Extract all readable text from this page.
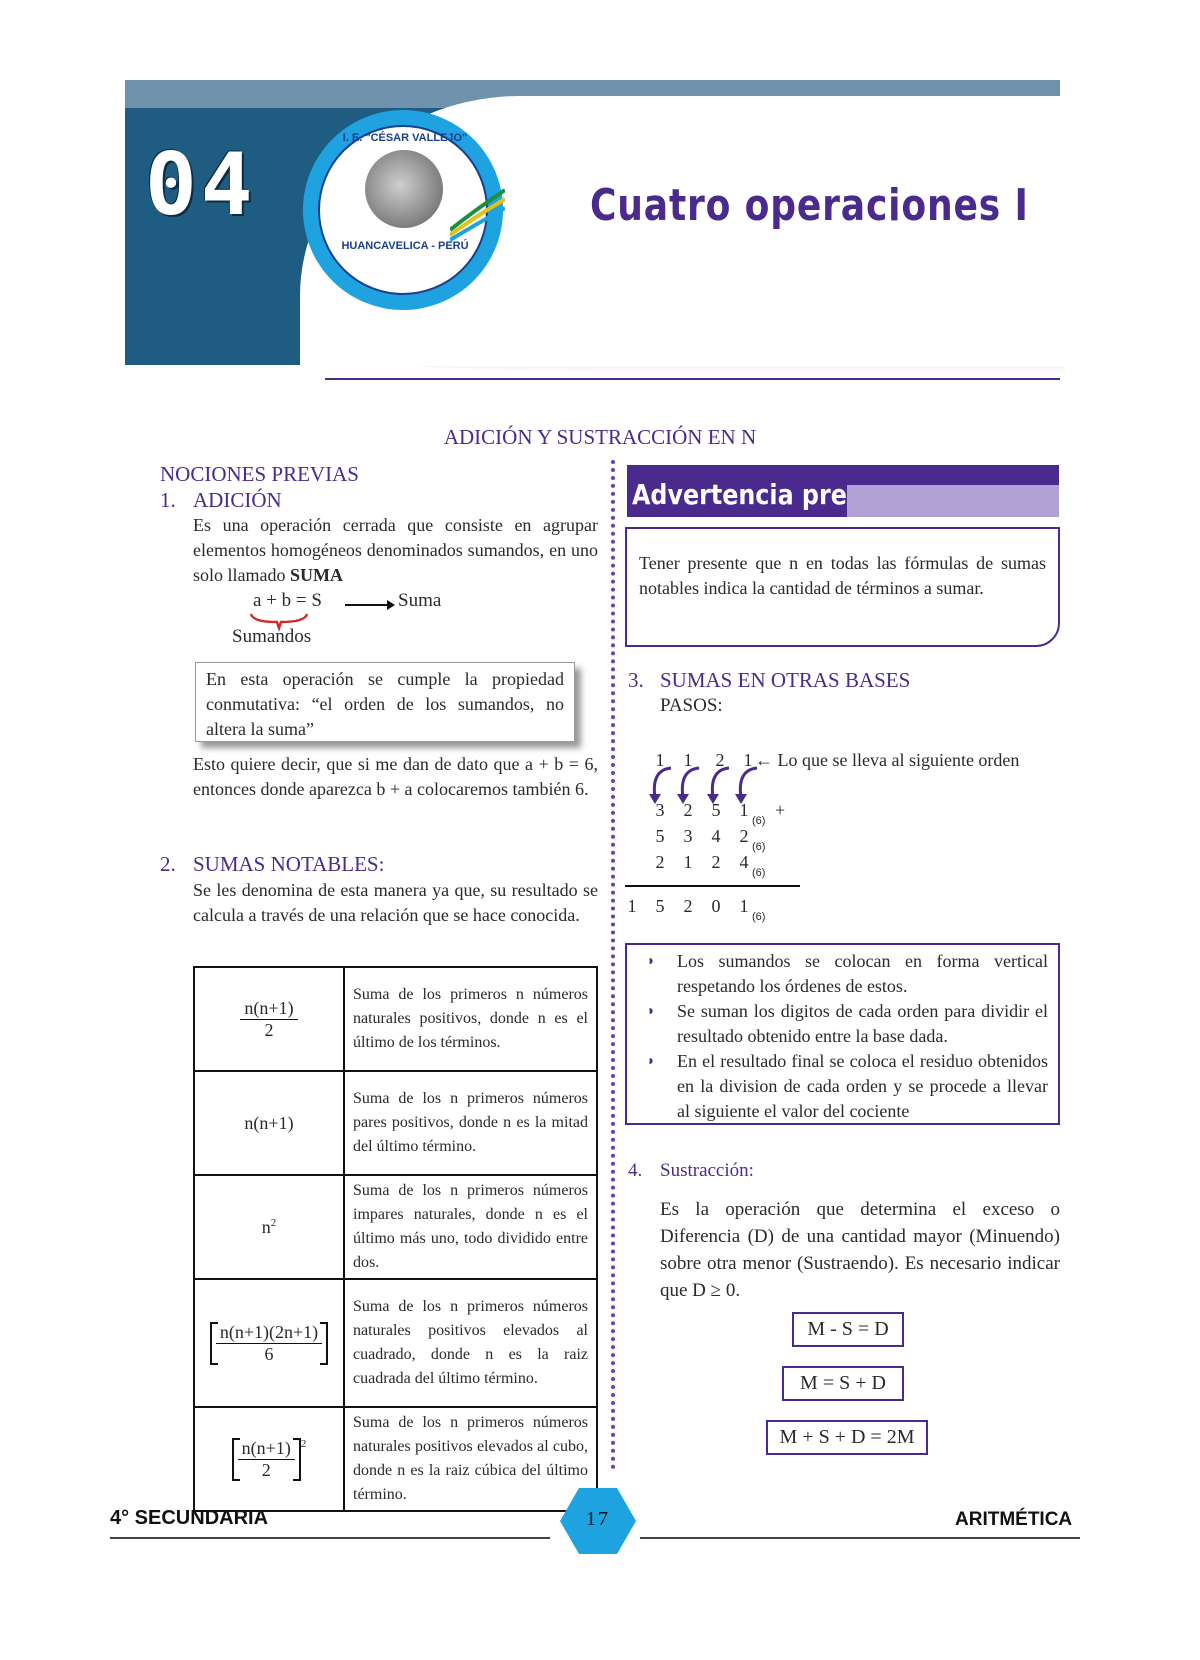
04	I. E. "CÉSAR VALLEJO"
HUANCAVELICA - PERÚ
Cuatro operaciones I
ADICIÓN Y SUSTRACCIÓN EN N
NOCIONES PREVIAS
1. ADICIÓN
Es una operación cerrada que consiste en agrupar elementos homogéneos denominados sumandos, en uno solo llamado SUMA
a + b = S	Suma
Sumandos
En esta operación se cumple la propiedad conmutativa: “el orden de los sumandos, no altera la suma”
Esto quiere decir, que si me dan de dato que a + b = 6, entonces donde aparezca b + a colocaremos también 6.
2. SUMAS NOTABLES:
Se les denomina de esta manera ya que, su resultado se calcula a través de una relación que se hace conocida.
$\frac{n(n+1)}{2}$	Suma de los primeros n números naturales positivos, donde n es el último de los términos.
n(n+1)	Suma de los n primeros números pares positivos, donde n es la mitad del último término.
$n^2$	Suma de los n primeros números impares naturales, donde n es el último más uno, todo dividido entre dos.

$\frac{n(n+1)(2n+1)}{6}$	Suma de los n primeros números naturales positivos elevados al cuadrado, donde n es la raiz cuadrada del último término.

$\frac{n(n+1)}{2} ^2$	Suma de los n primeros números naturales positivos elevados al cubo, donde n es la raiz cúbica del último término.
Advertencia pre
Tener presente que n en todas las fórmulas de sumas notables indica la cantidad de términos a sumar.
3. SUMAS EN OTRAS BASES
PASOS:
1	1	2	1 ← Lo que se lleva al siguiente orden
3	2	5	1
(6)
+
5	3	4	2
(6)
2	1	2	4
(6)
1	5	2	0	1
(6)
◗ Los sumandos se colocan en forma vertical respetando los órdenes de estos.
◗ Se suman los digitos de cada orden para dividir el resultado obtenido entre la base dada.
◗ En el resultado final se coloca el residuo obtenidos en la division de cada orden y se procede a llevar al siguiente el valor del cociente
4. Sustracción:
Es la operación que determina el exceso o Diferencia (D) de una cantidad mayor (Minuendo) sobre otra menor (Sustraendo). Es necesario indicar que D ≥ 0.
M - S = D
M = S + D
M + S + D = 2M
4° SECUNDARIA	17	ARITMÉTICA
